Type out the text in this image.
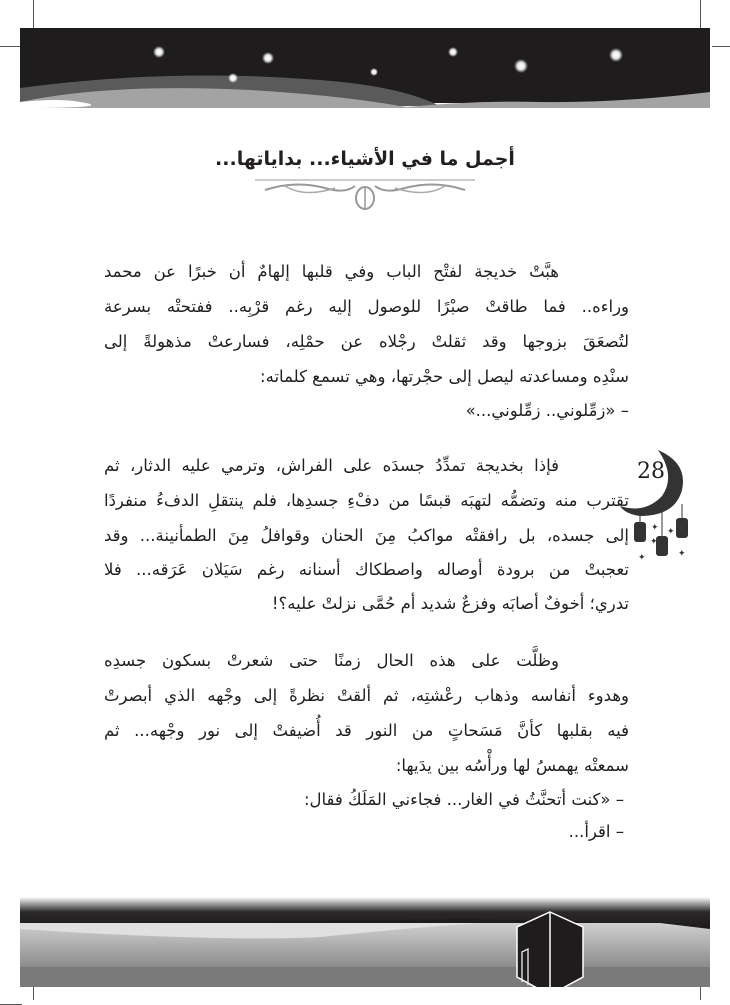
أجمل ما في الأشياء... بداياتها...
هبَّتْ خديجة لفتْح الباب وفي قلبها إلهامٌ أن خبرًا عن محمد
وراءه.. فما طاقتْ صبْرًا للوصول إليه رغم قرْبِه.. ففتحتْه بسرعة
لتُصعَقَ بزوجها وقد ثقلتْ رجْلاه عن حمْلِه، فسارعتْ مذهولةً إلى
سنْدِه ومساعدته ليصل إلى حجْرتها، وهي تسمع كلماته:
– «زمِّلوني.. زمِّلوني...»
فإذا بخديجة تمدِّدُ جسدَه على الفراش، وترمي عليه الدثار، ثم
تقترب منه وتضمُّه لتهبَه قبسًا من دفْءِ جسدِها، فلم ينتقلِ الدفءُ منفردًا
إلى جسده، بل رافقتْه مواكبُ مِنَ الحنان وقوافلُ مِنَ الطمأنينة... وقد
تعجبتْ من برودة أوصاله واصطكاك أسنانه رغم سَيَلان عَرَقه... فلا
تدري؛ أخوفٌ أصابَه وفزعٌ شديد أم حُمَّى نزلتْ عليه؟!
وظلَّت على هذه الحال زمنًا حتى شعرتْ بسكون جسدِه
وهدوء أنفاسه وذهاب رعْشتِه، ثم ألقتْ نظرةً إلى وجْهه الذي أبصرتْ
فيه بقلبها كأنَّ مَسَحاتٍ من النور قد أُضيفتْ إلى نور وجْهه... ثم
سمعتْه يهمسُ لها ورأْسُه بين يدَيها:
– «كنت أتحنَّثُ في الغار... فجاءني المَلَكُ فقال:
– اقرأ...
✦ ✦
✦
✦	✦
28
